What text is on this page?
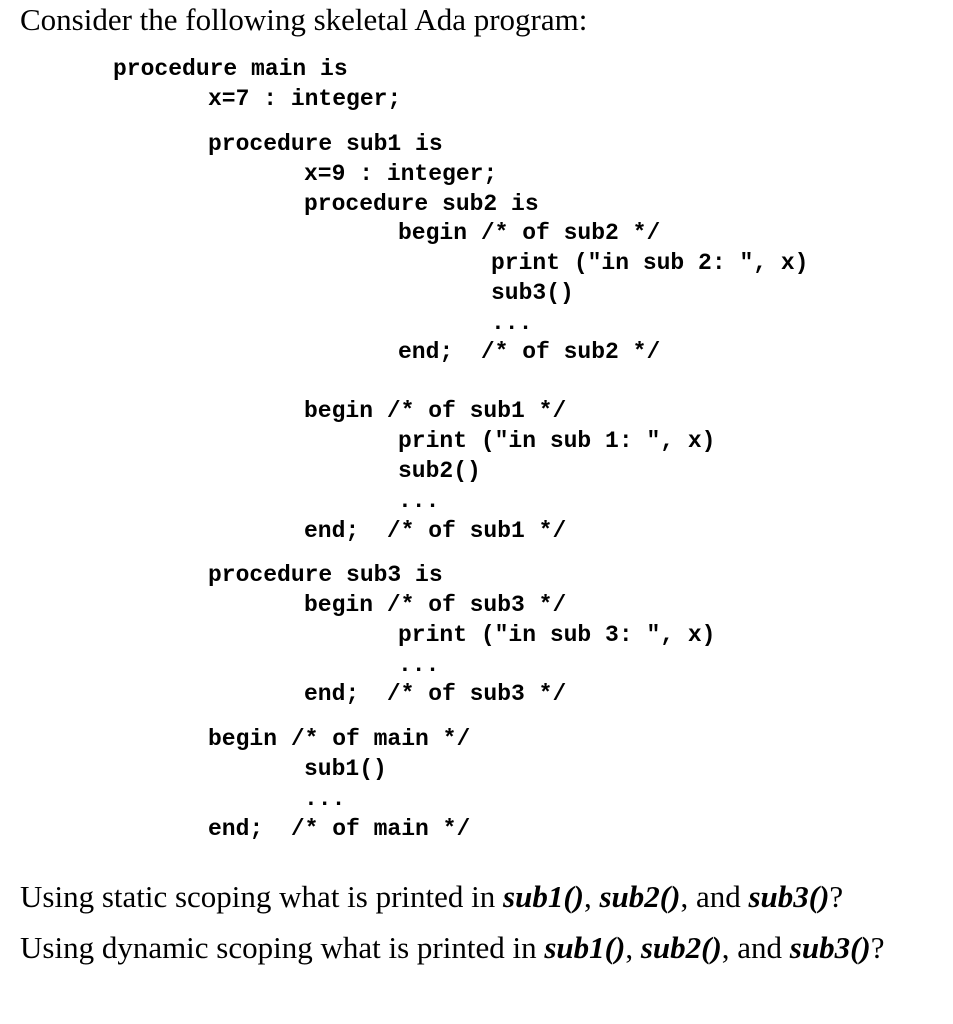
Consider the following skeletal Ada program:

procedure main is
x=7 : integer;
procedure sub1 is
x=9 : integer;
procedure sub2 is
begin /* of sub2 */
print ("in sub 2: ", x)
sub3()
...
end;  /* of sub2 */
begin /* of sub1 */
print ("in sub 1: ", x)
sub2()
...
end;  /* of sub1 */
procedure sub3 is
begin /* of sub3 */
print ("in sub 3: ", x)
...
end;  /* of sub3 */
begin /* of main */
sub1()
...
end;  /* of main */

Using static scoping what is printed in sub1(), sub2(), and sub3()?

Using dynamic scoping what is printed in sub1(), sub2(), and sub3()?
